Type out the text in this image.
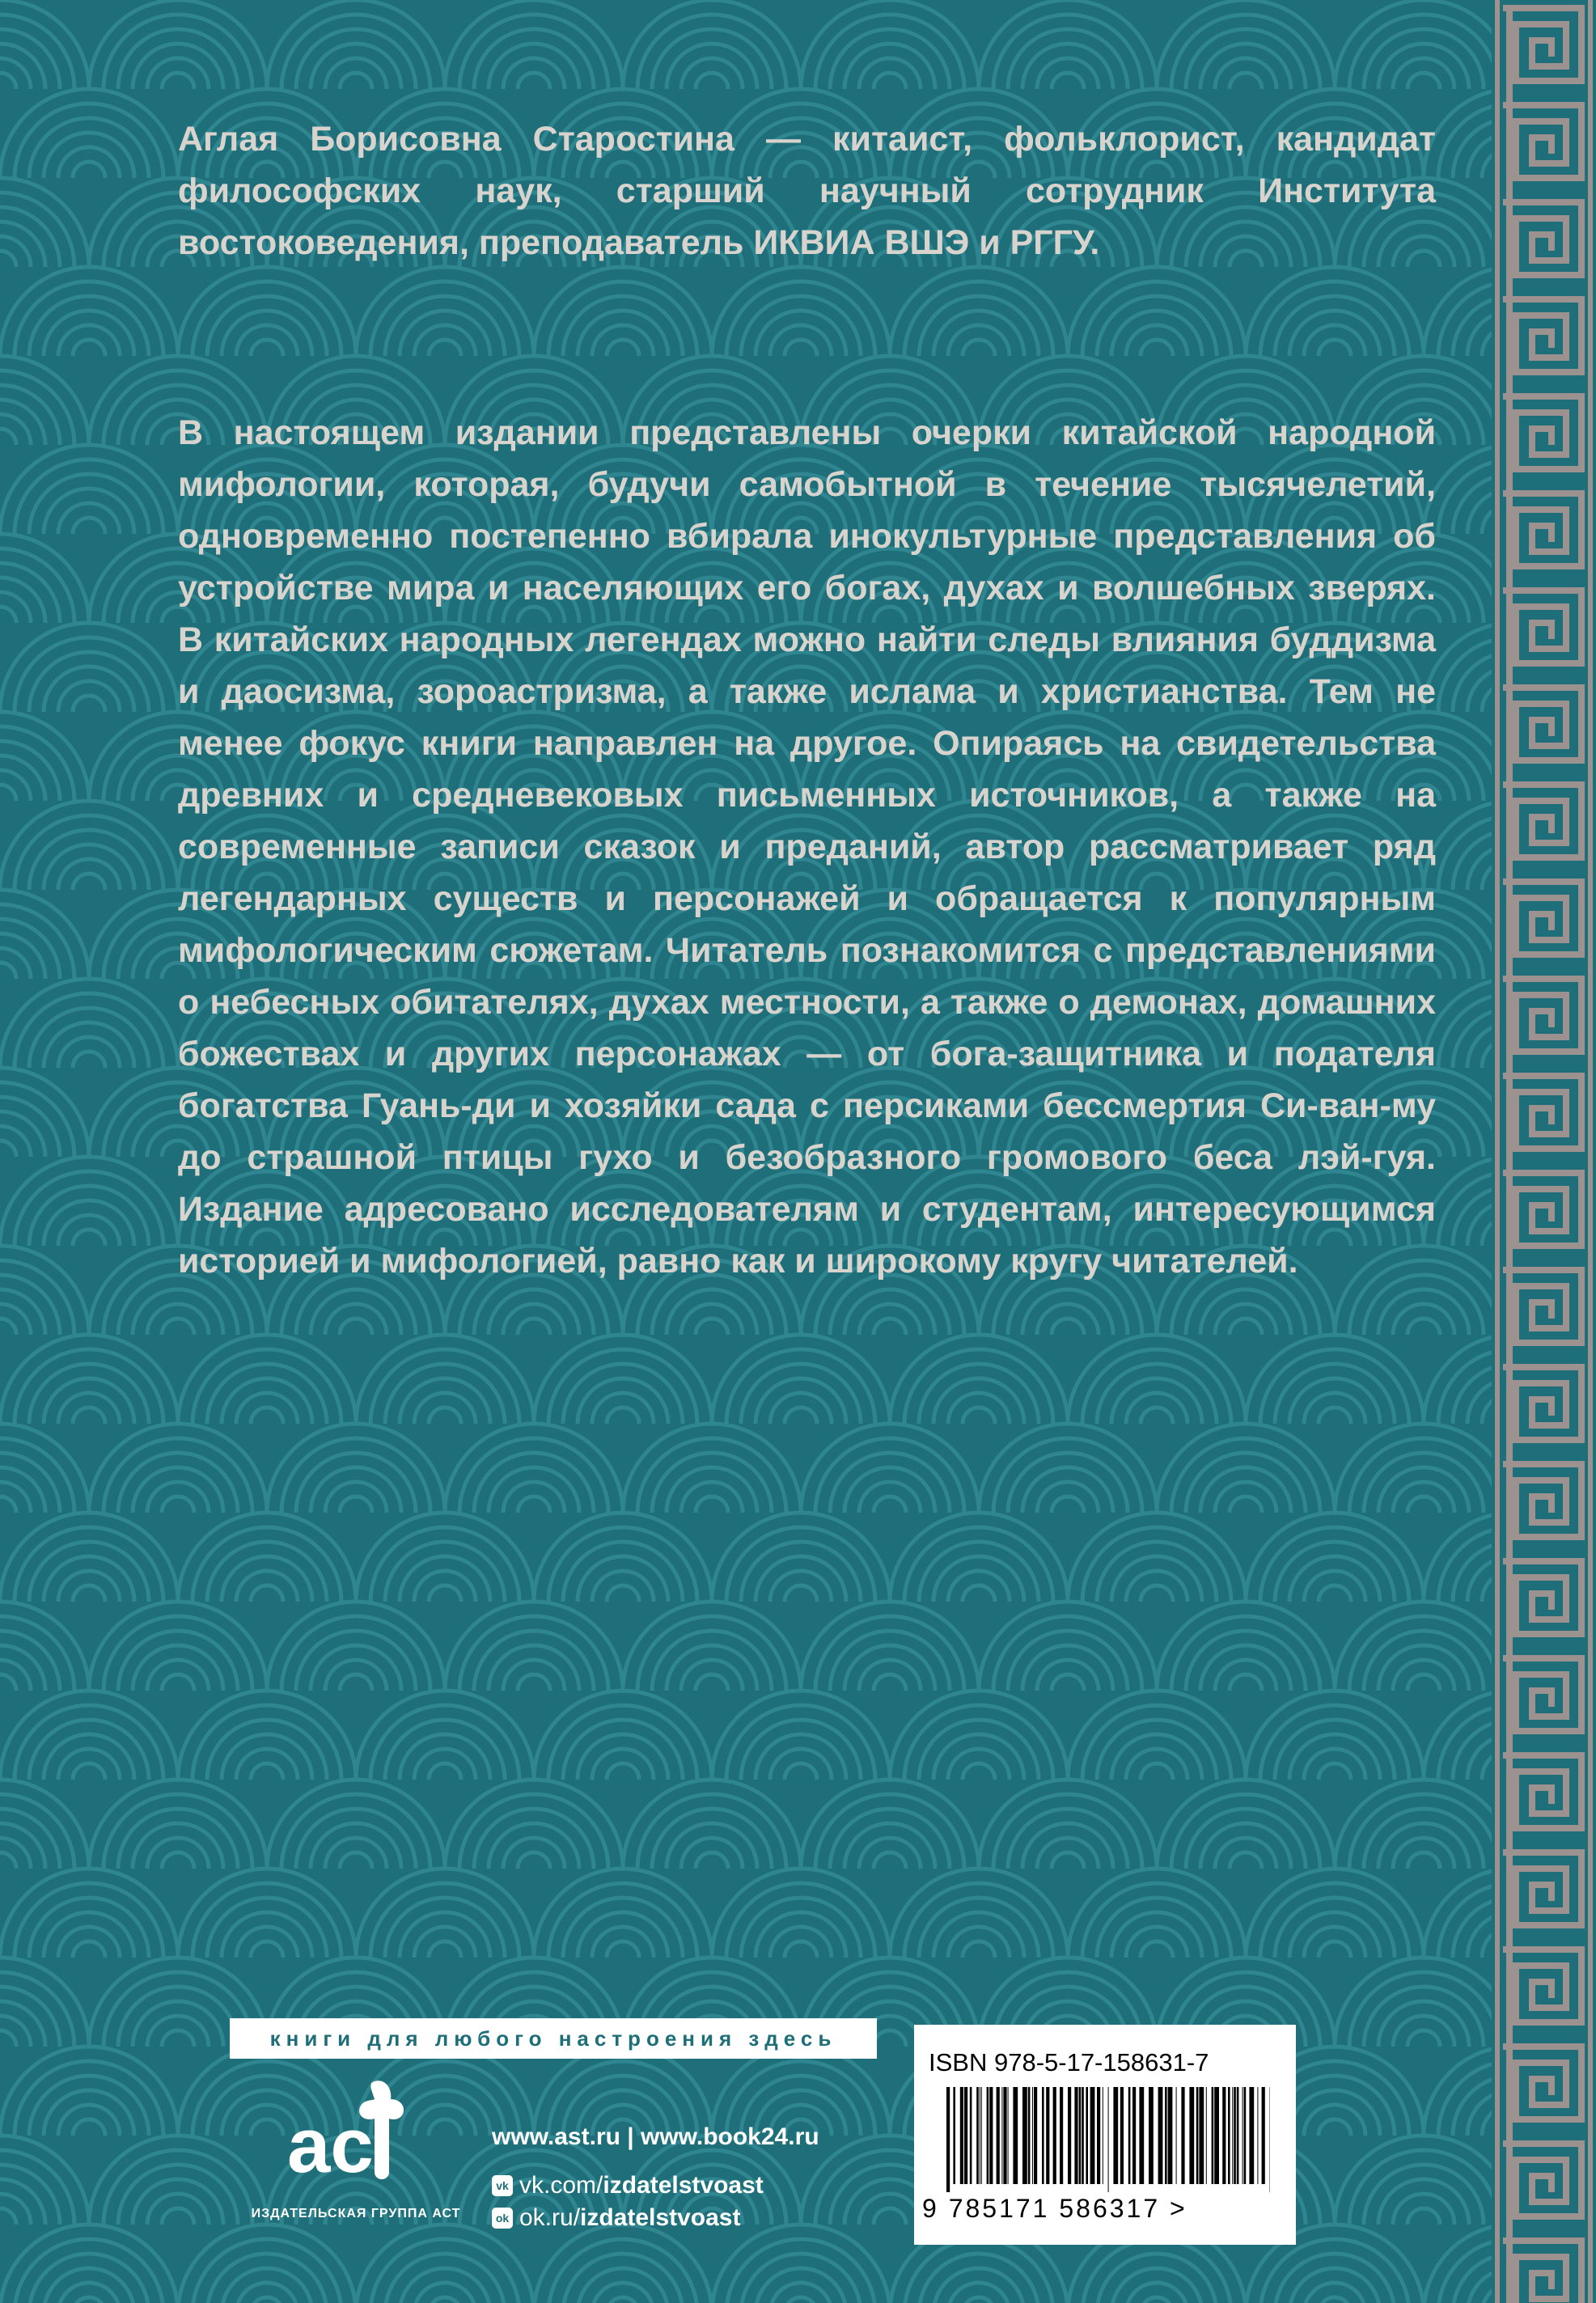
Аглая Борисовна Старостина — китаист, фольклорист, кандидат философских наук, старший научный сотрудник Института востоковедения, преподаватель ИКВИА ВШЭ и РГГУ.

В настоящем издании представлены очерки китайской народной мифологии, которая, будучи самобытной в течение тысячелетий, одновременно постепенно вбирала инокультурные представления об устройстве мира и населяющих его богах, духах и волшебных зверях. В китайских народных легендах можно найти следы влияния буддизма и даосизма, зороастризма, а также ислама и христианства. Тем не менее фокус книги направлен на другое. Опираясь на свидетельства древних и средневековых письменных источников, а также на современные записи сказок и преданий, автор рассматривает ряд легендарных существ и персонажей и обращается к популярным мифологическим сюжетам. Читатель познакомится с представлениями о небесных обитателях, духах местности, а также о демонах, домашних божествах и других персонажах — от бога-защитника и подателя богатства Гуань-ди и хозяйки сада с персиками бессмертия Си-ван-му до страшной птицы гухо и безобразного громового беса лэй-гуя. Издание адресовано исследователям и студентам, интересующимся историей и мифологией, равно как и широкому кругу читателей.

книги для любого настроения здесь
ac
ИЗДАТЕЛЬСКАЯ ГРУППА АСТ
www.ast.ru | www.book24.ru
vk vk.com/izdatelstvoast
ok ok.ru/izdatelstvoast
ISBN 978-5-17-158631-7
9 785171 586317 >
